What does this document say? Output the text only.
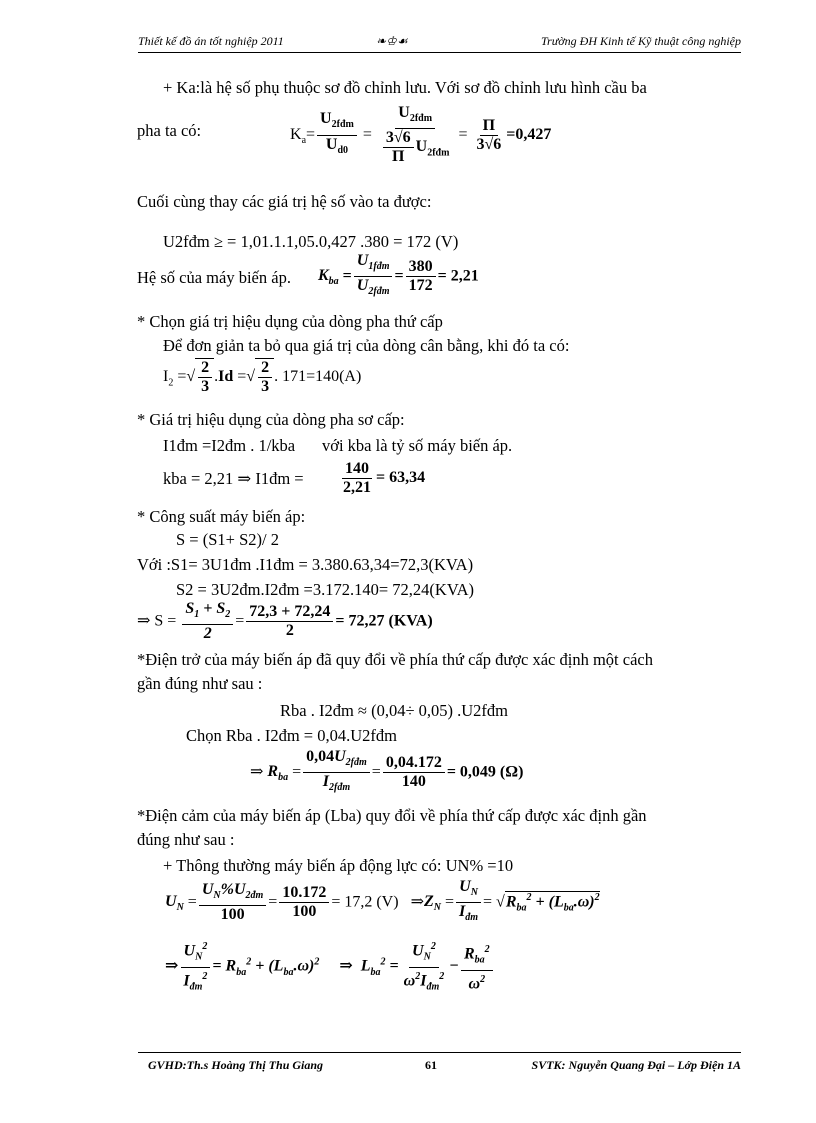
Thiết kế đồ án tốt nghiệp 2011	❧♔☙	Trường ĐH Kinh tế Kỹ thuật công nghiệp
+ Ka:là hệ số phụ thuộc sơ đồ chỉnh lưu. Với sơ đồ chỉnh lưu hình cầu ba
pha ta có:	$K_a= \frac{U_{2fđm}}{U_{d0}} = \frac{U_{2fđm}}{\frac{3√6}{\Pi} U_{2fđm}} = \frac{\Pi}{3√6} =0,427$
Cuối cùng thay các giá trị hệ số vào ta được:
U2fđm ≥ = 1,01.1.1,05.0,427 .380 = 172 (V)
Hệ số của máy biến áp. $K_{ba} = \frac{U_{1fđm}}{U_{2fđm}} = \frac{380}{172} = 2,21$
* Chọn giá trị hiệu dụng của dòng pha thứ cấp
Để đơn giản ta bỏ qua giá trị của dòng cân bằng, khi đó ta có:
$I_2$ =√ $\frac{2}{3} .Id$ =√ $\frac{2}{3}$ . 171=140(A)
* Giá trị hiệu dụng của dòng pha sơ cấp:
I1đm =I2đm . 1/kba với kba là tỷ số máy biến áp.
kba = 2,21 ⇒ I1đm = $\frac{140}{2,21} = 63,34$
* Công suất máy biến áp:
S = (S1+ S2)/ 2
Với :S1= 3U1đm .I1đm = 3.380.63,34=72,3(KVA)
S2 = 3U2đm.I2đm =3.172.140= 72,24(KVA)
⇒ $S = \frac{S_1 + S_2}{2} = \frac{72,3 + 72,24}{2} = 72,27$ (KVA)
*Điện trở của máy biến áp đã quy đổi về phía thứ cấp được xác định một cách
gần đúng như sau :
Rba . I2đm ≈ (0,04÷ 0,05) .U2fđm
Chọn Rba . I2đm = 0,04.U2fđm
⇒ $R_{ba} = \frac{0,04U_{2fđm}}{I_{2fđm}} = \frac{0,04.172}{140} = 0,049$ (Ω)
*Điện cảm của máy biến áp (Lba) quy đổi về phía thứ cấp được xác định gần
đúng như sau :
+ Thông thường máy biến áp động lực có: UN% =10
$U_N = \frac{U_N\%U_{2đm}}{100} = \frac{10.172}{100} = 17,2$ (V)   $\Rightarrow Z_N = \frac{U_N}{I_{đm}} = √R_{ba}^2 + (L_{ba}.\omega)^2$
⇒ $\frac{U_N^2}{I_{đm}^2} = R_{ba}^2 + (L_{ba}.\omega)^2$ ⇒  $L_{ba}^2 = \frac{U_N^2}{\omega^2I_{đm}^2} - \frac{R_{ba}^2}{\omega^2}$
GVHD:Th.s Hoàng Thị Thu Giang	61	SVTK: Nguyễn Quang Đại – Lớp Điện 1A
